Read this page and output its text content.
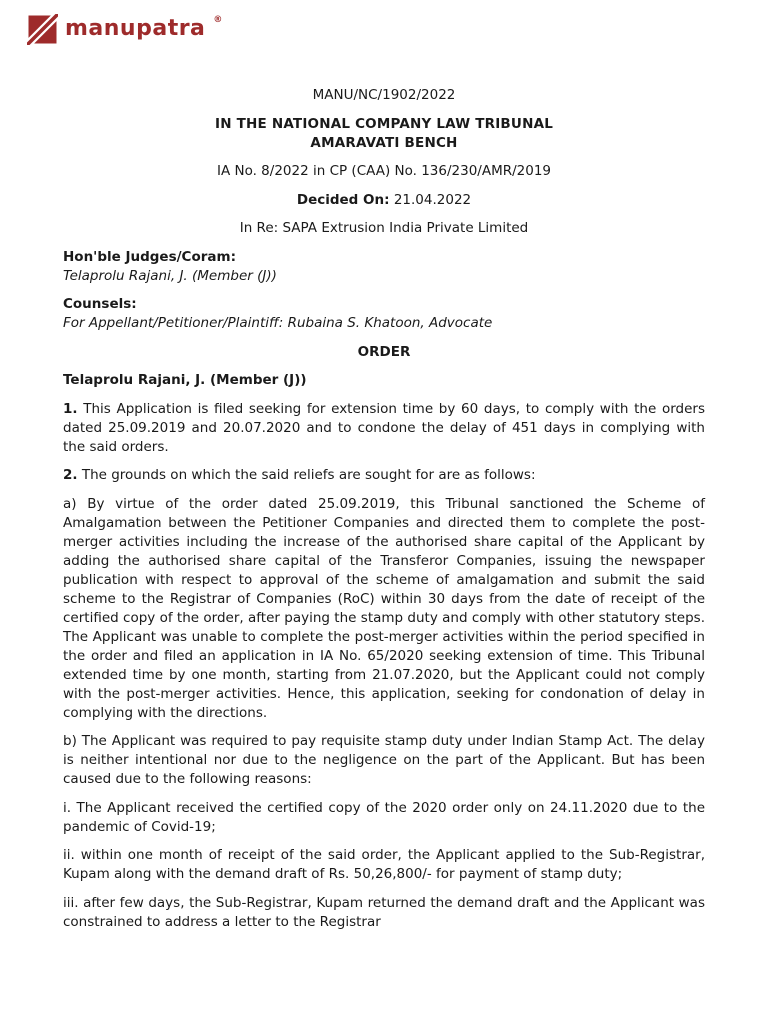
manupatra ®

MANU/NC/1902/2022

IN THE NATIONAL COMPANY LAW TRIBUNAL
AMARAVATI BENCH

IA No. 8/2022 in CP (CAA) No. 136/230/AMR/2019

Decided On: 21.04.2022

In Re: SAPA Extrusion India Private Limited

Hon'ble Judges/Coram:

Telaprolu Rajani, J. (Member (J))

Counsels:

For Appellant/Petitioner/Plaintiff: Rubaina S. Khatoon, Advocate

ORDER

Telaprolu Rajani, J. (Member (J))

1. This Application is filed seeking for extension time by 60 days, to comply with the orders dated 25.09.2019 and 20.07.2020 and to condone the delay of 451 days in complying with the said orders.

2. The grounds on which the said reliefs are sought for are as follows:

a) By virtue of the order dated 25.09.2019, this Tribunal sanctioned the Scheme of Amalgamation between the Petitioner Companies and directed them to complete the post-merger activities including the increase of the authorised share capital of the Applicant by adding the authorised share capital of the Transferor Companies, issuing the newspaper publication with respect to approval of the scheme of amalgamation and submit the said scheme to the Registrar of Companies (RoC) within 30 days from the date of receipt of the certified copy of the order, after paying the stamp duty and comply with other statutory steps. The Applicant was unable to complete the post-merger activities within the period specified in the order and filed an application in IA No. 65/2020 seeking extension of time. This Tribunal extended time by one month, starting from 21.07.2020, but the Applicant could not comply with the post-merger activities. Hence, this application, seeking for condonation of delay in complying with the directions.

b) The Applicant was required to pay requisite stamp duty under Indian Stamp Act. The delay is neither intentional nor due to the negligence on the part of the Applicant. But has been caused due to the following reasons:

i. The Applicant received the certified copy of the 2020 order only on 24.11.2020 due to the pandemic of Covid-19;

ii. within one month of receipt of the said order, the Applicant applied to the Sub-Registrar, Kupam along with the demand draft of Rs. 50,26,800/- for payment of stamp duty;

iii. after few days, the Sub-Registrar, Kupam returned the demand draft and the Applicant was constrained to address a letter to the Registrar
